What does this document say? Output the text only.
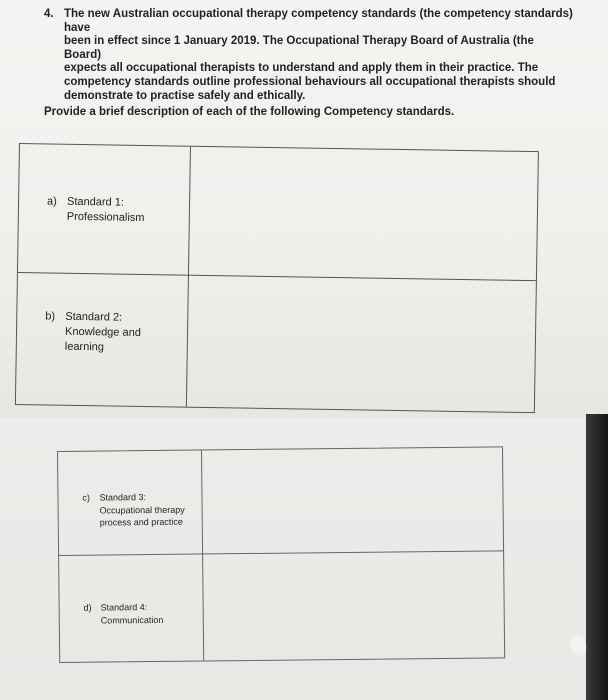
4. The new Australian occupational therapy competency standards (the competency standards) have
been in effect since 1 January 2019. The Occupational Therapy Board of Australia (the Board)
expects all occupational therapists to understand and apply them in their practice. The
competency standards outline professional behaviours all occupational therapists should
demonstrate to practise safely and ethically.
Provide a brief description of each of the following Competency standards.
a) Standard 1:
Professionalism
b) Standard 2:
Knowledge and
learning
c) Standard 3:
Occupational therapy
process and practice
d) Standard 4:
Communication
